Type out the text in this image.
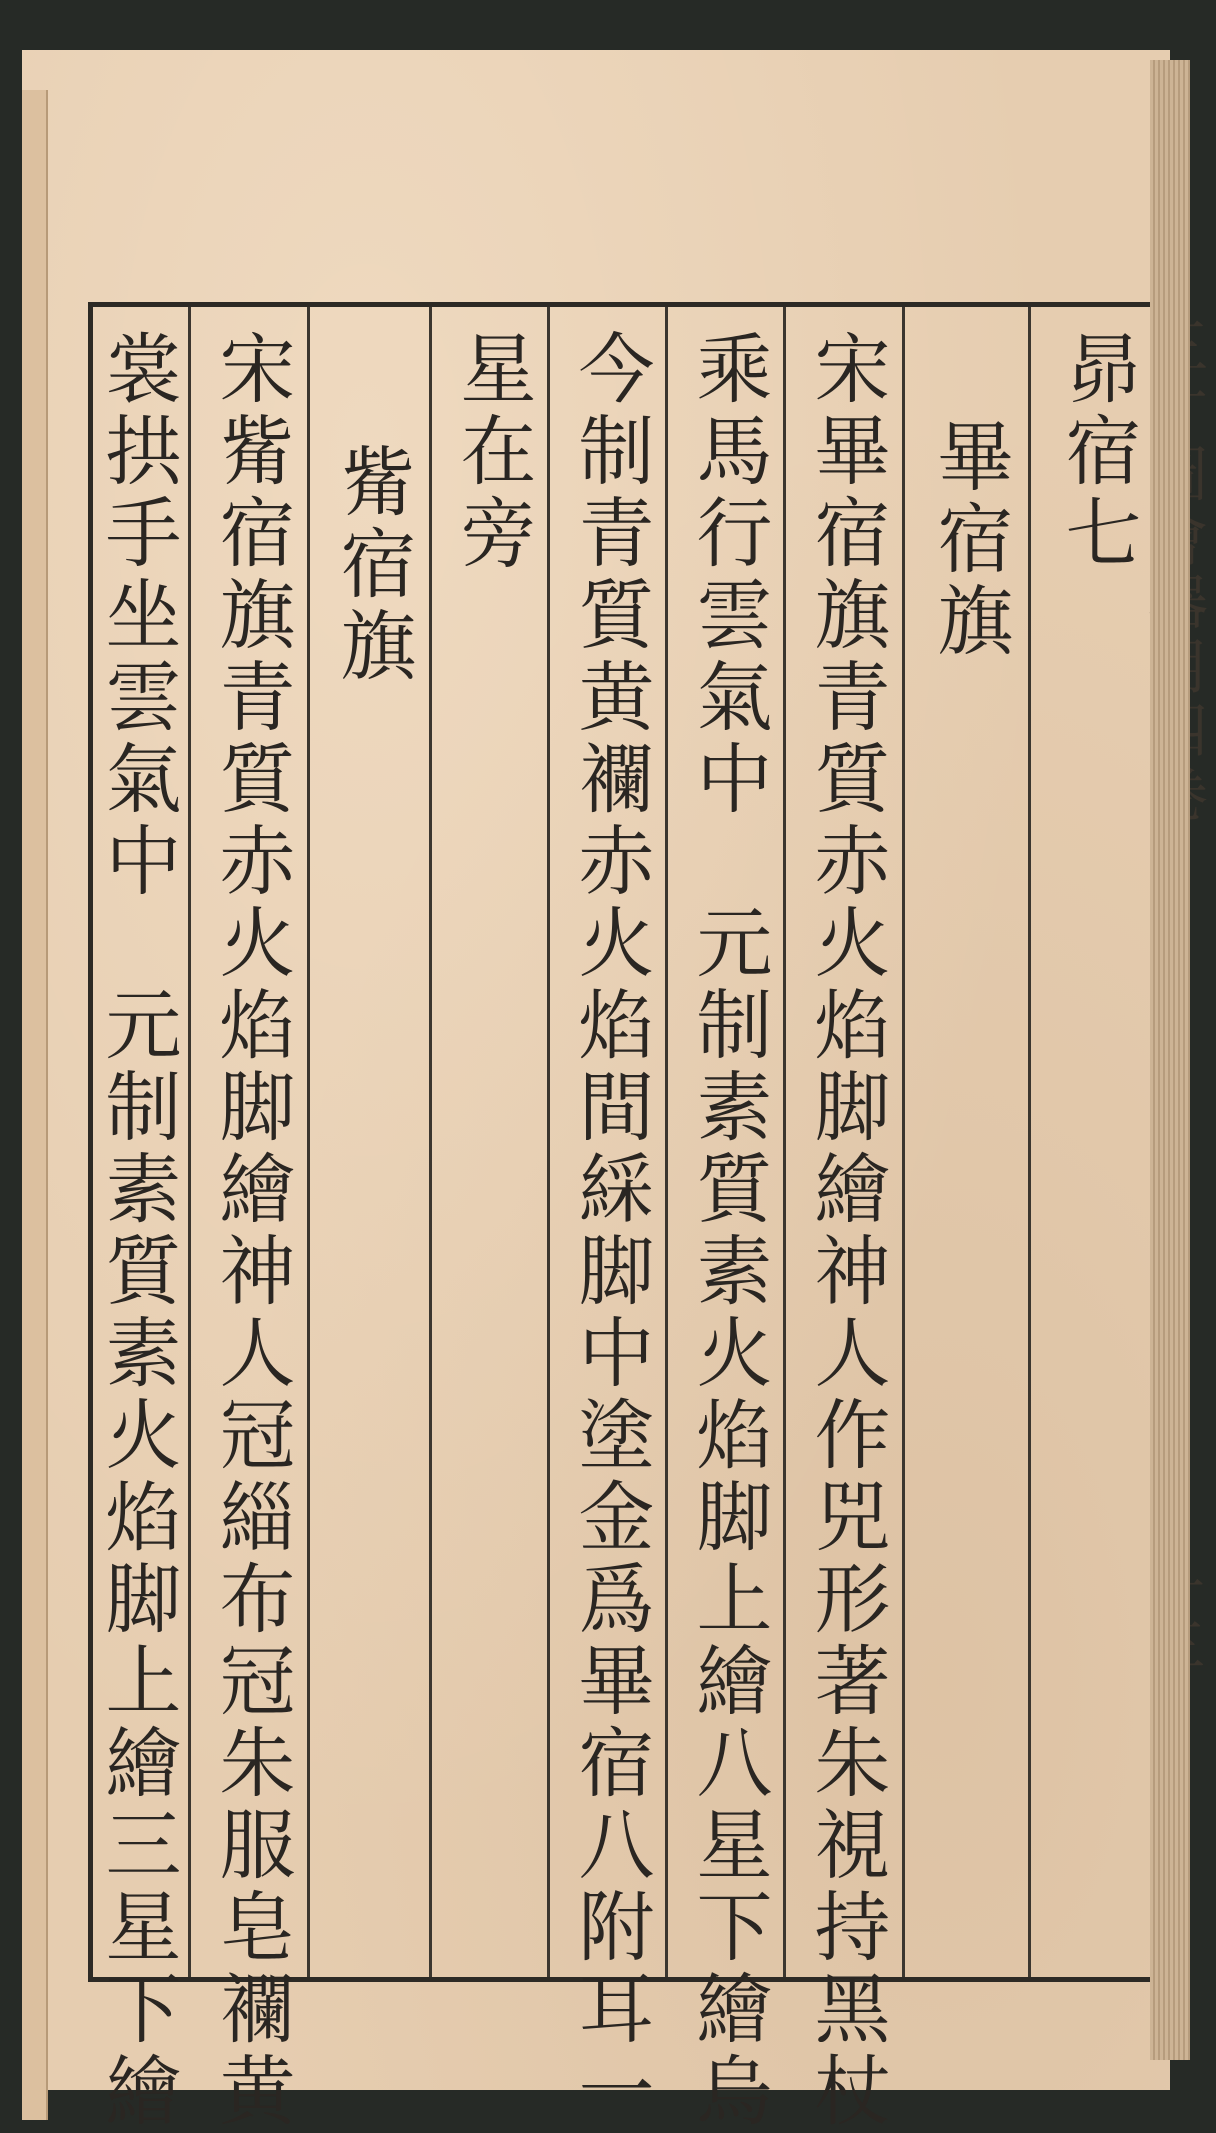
昴宿七
畢宿旗
宋畢宿旗青質赤火焰脚繪神人作兕形著朱視持黑杖
乘馬行雲氣中　元制素質素火焰脚上繪八星下繪烏
今制青質黄襴赤火焰間綵脚中塗金爲畢宿八附耳一
星在旁
觜宿旗
宋觜宿旗青質赤火焰脚繪神人冠緇布冠朱服皂襴黄
裳拱手坐雲氣中　元制素質素火焰脚上繪三星下繪
